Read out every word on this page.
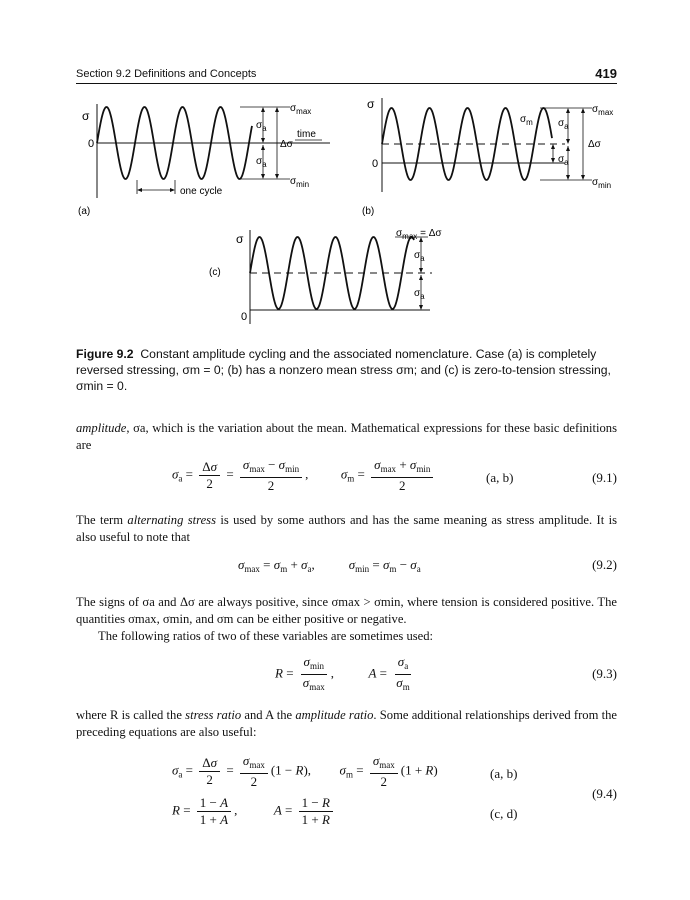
Section 9.2 Definitions and Concepts	419
σ
0
$\sigma_a$
$\sigma_a$
Δσ
$\sigma_{max}$
$\sigma_{min}$
time
one cycle
(a)
σ
0
$\sigma_m$	$\sigma_a$
$\sigma_a$
Δσ
$\sigma_{max}$
$\sigma_{min}$
(b)
σ
0
$\sigma_{max} = \Delta\sigma$
$\sigma_a$
$\sigma_a$
(c)
Figure 9.2 Constant amplitude cycling and the associated nomenclature. Case (a) is completely reversed stressing, σm = 0; (b) has a nonzero mean stress σm; and (c) is zero-to-tension stressing, σmin = 0.
amplitude, σa, which is the variation about the mean. Mathematical expressions for these basic definitions are
$\sigma_a = \frac{\Delta\sigma}{2} = \frac{\sigma_{max} - \sigma_{min}}{2}$ ,  $\sigma_m = \frac{\sigma_{max} + \sigma_{min}}{2}$	(a, b)	(9.1)
The term alternating stress is used by some authors and has the same meaning as stress amplitude. It is also useful to note that
$\sigma_{max} = \sigma_m + \sigma_a$,	$\sigma_{min} = \sigma_m - \sigma_a$	(9.2)
The signs of σa and Δσ are always positive, since σmax > σmin, where tension is considered positive. The quantities σmax, σmin, and σm can be either positive or negative.
The following ratios of two of these variables are sometimes used:
$R = \frac{\sigma_{min}}{\sigma_{max}}$ ,  $A = \frac{\sigma_a}{\sigma_m}$	(9.3)
where R is called the stress ratio and A the amplitude ratio. Some additional relationships derived from the preceding equations are also useful:
$\sigma_a = \frac{\Delta\sigma}{2} = \frac{\sigma_{max}}{2} (1 - R)$,  $\sigma_m = \frac{\sigma_{max}}{2} (1 + R)$
$R = \frac{1 - A}{1 + A}$ ,	$A = \frac{1 - R}{1 + R}$
(a, b)
(c, d)
(9.4)
